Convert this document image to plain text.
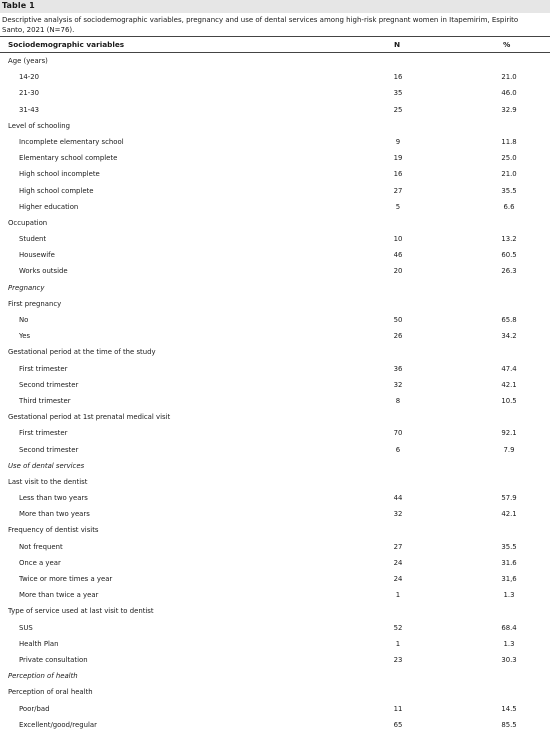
Table 1
Descriptive analysis of sociodemographic variables, pregnancy and use of dental services among high-risk pregnant women in Itapemirim, Espirito
Santo, 2021 (N=76).
Sociodemographic variables	N	%
Age (years)
14-20	16	21.0
21-30	35	46.0
31-43	25	32.9
Level of schooling
Incomplete elementary school	9	11.8
Elementary school complete	19	25.0
High school incomplete	16	21.0
High school complete	27	35.5
Higher education	5	6.6
Occupation
Student	10	13.2
Housewife	46	60.5
Works outside	20	26.3
Pregnancy
First pregnancy
No	50	65.8
Yes	26	34.2
Gestational period at the time of the study
First trimester	36	47.4
Second trimester	32	42.1
Third trimester	8	10.5
Gestational period at 1st prenatal medical visit
First trimester	70	92.1
Second trimester	6	7.9
Use of dental services
Last visit to the dentist
Less than two years	44	57.9
More than two years	32	42.1
Frequency of dentist visits
Not frequent	27	35.5
Once a year	24	31.6
Twice or more times a year	24	31,6
More than twice a year	1	1.3
Type of service used at last visit to dentist
SUS	52	68.4
Health Plan	1	1.3
Private consultation	23	30.3
Perception of health
Perception of oral health
Poor/bad	11	14.5
Excellent/good/regular	65	85.5
